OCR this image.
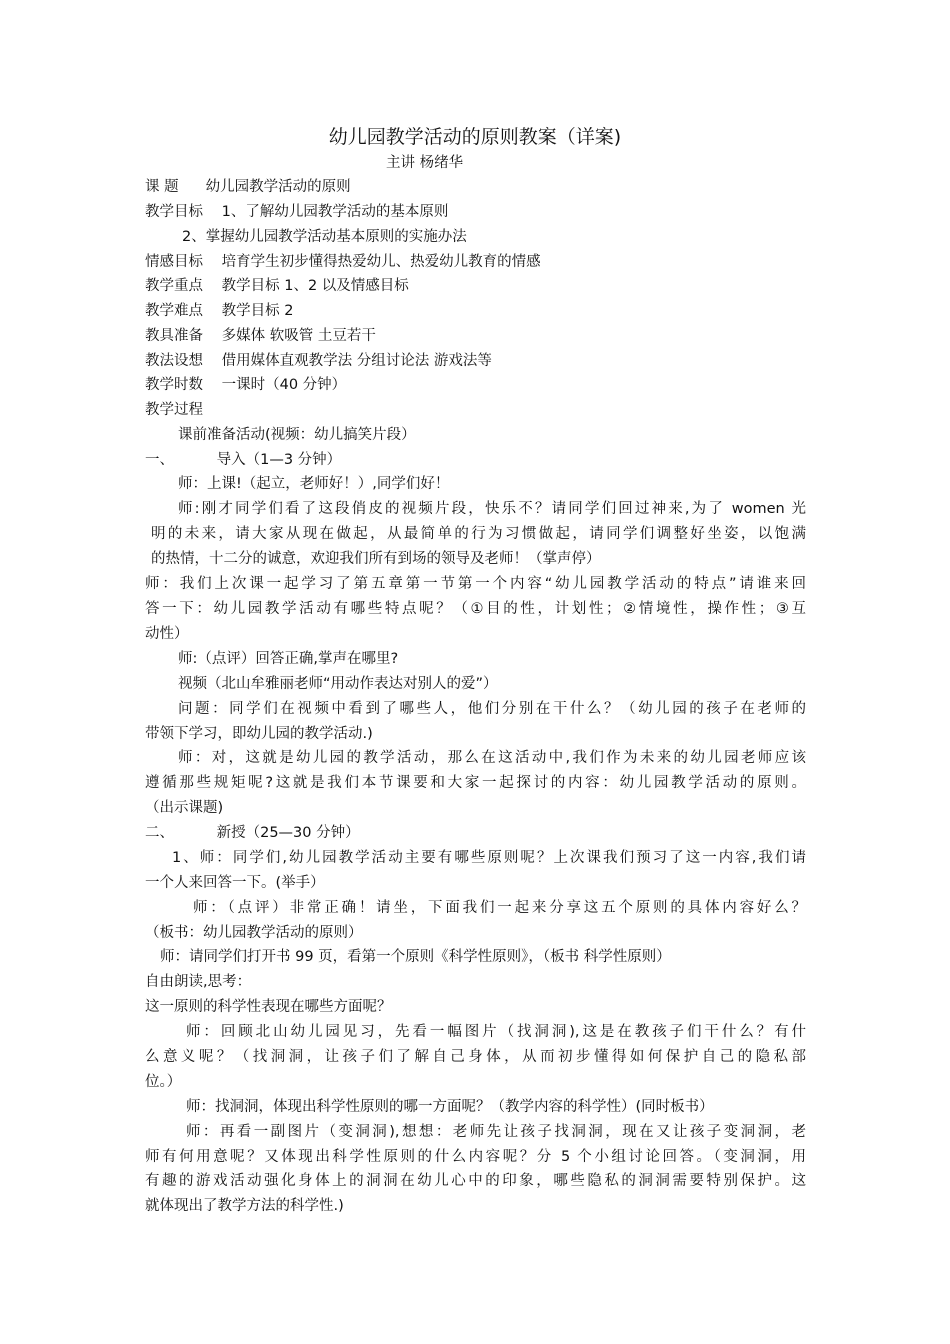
幼儿园教学活动的原则教案（详案)
主讲 杨绪华
课 题 幼儿园教学活动的原则
教学目标 1、了解幼儿园教学活动的基本原则
2、掌握幼儿园教学活动基本原则的实施办法
情感目标 培育学生初步懂得热爱幼儿、热爱幼儿教育的情感
教学重点 教学目标 1、2 以及情感目标
教学难点 教学目标 2
教具准备 多媒体 软吸管 土豆若干
教法设想 借用媒体直观教学法 分组讨论法 游戏法等
教学时数 一课时（40 分钟）
教学过程
课前准备活动(视频：幼儿搞笑片段）
一、	导入（1—3 分钟）
师：上课!（起立，老师好！）,同学们好！
师:刚才同学们看了这段俏皮的视频片段，快乐不？请同学们回过神来,为了 women 光
明的未来，请大家从现在做起，从最简单的行为习惯做起，请同学们调整好坐姿，以饱满
的热情，十二分的诚意，欢迎我们所有到场的领导及老师！（掌声停）
师：我们上次课一起学习了第五章第一节第一个内容“幼儿园教学活动的特点”请谁来回
答一下：幼儿园教学活动有哪些特点呢？（①目的性，计划性；②情境性，操作性；③互
动性）
师:（点评）回答正确,掌声在哪里?
视频（北山牟雅丽老师“用动作表达对别人的爱”）
问题：同学们在视频中看到了哪些人，他们分别在干什么？（幼儿园的孩子在老师的
带领下学习，即幼儿园的教学活动.)
师：对，这就是幼儿园的教学活动，那么在这活动中,我们作为未来的幼儿园老师应该
遵循那些规矩呢?这就是我们本节课要和大家一起探讨的内容：幼儿园教学活动的原则。
（出示课题)
二、	新授（25—30 分钟）
1、师：同学们,幼儿园教学活动主要有哪些原则呢？上次课我们预习了这一内容,我们请
一个人来回答一下。(举手）
师：（点评）非常正确！请坐，下面我们一起来分享这五个原则的具体内容好么？
（板书：幼儿园教学活动的原则）
师：请同学们打开书 99 页，看第一个原则《科学性原则》，（板书 科学性原则）
自由朗读,思考：
这一原则的科学性表现在哪些方面呢？
师：回顾北山幼儿园见习，先看一幅图片（找洞洞),这是在教孩子们干什么？有什
么意义呢？（找洞洞，让孩子们了解自己身体，从而初步懂得如何保护自己的隐私部
位。）
师：找洞洞，体现出科学性原则的哪一方面呢？（教学内容的科学性）(同时板书）
师：再看一副图片（变洞洞),想想：老师先让孩子找洞洞，现在又让孩子变洞洞，老
师有何用意呢？又体现出科学性原则的什么内容呢？分 5 个小组讨论回答。（变洞洞，用
有趣的游戏活动强化身体上的洞洞在幼儿心中的印象，哪些隐私的洞洞需要特别保护。这
就体现出了教学方法的科学性.)
